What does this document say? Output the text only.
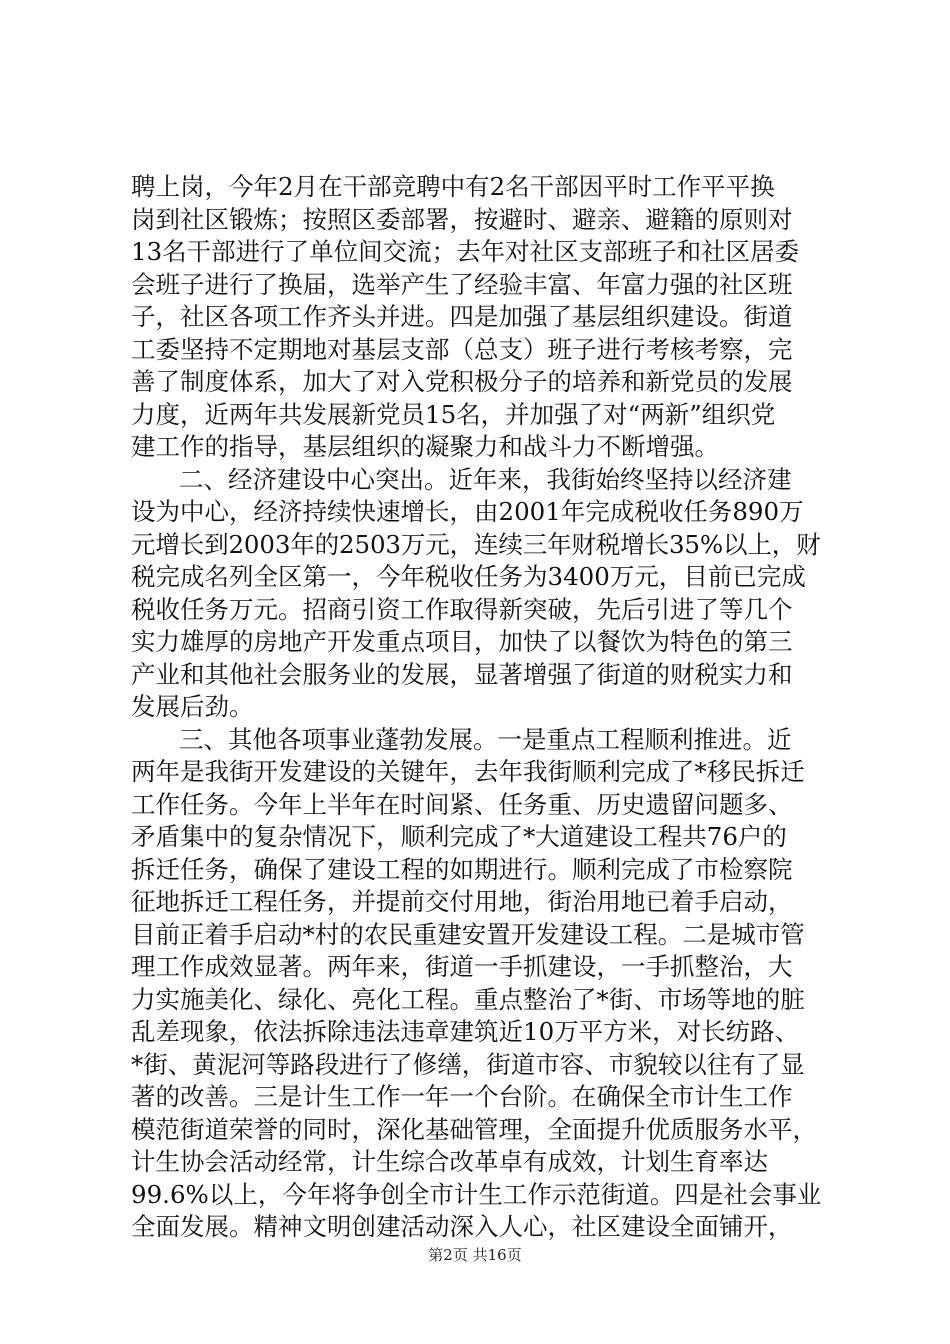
聘上岗，今年2月在干部竞聘中有2名干部因平时工作平平换
岗到社区锻炼；按照区委部署，按避时、避亲、避籍的原则对
13名干部进行了单位间交流；去年对社区支部班子和社区居委
会班子进行了换届，选举产生了经验丰富、年富力强的社区班
子，社区各项工作齐头并进。四是加强了基层组织建设。街道
工委坚持不定期地对基层支部（总支）班子进行考核考察，完
善了制度体系，加大了对入党积极分子的培养和新党员的发展
力度，近两年共发展新党员15名，并加强了对“两新”组织党
建工作的指导，基层组织的凝聚力和战斗力不断增强。
二、经济建设中心突出。近年来，我街始终坚持以经济建
设为中心，经济持续快速增长，由2001年完成税收任务890万
元增长到2003年的2503万元，连续三年财税增长35%以上，财
税完成名列全区第一，今年税收任务为3400万元，目前已完成
税收任务万元。招商引资工作取得新突破，先后引进了等几个
实力雄厚的房地产开发重点项目，加快了以餐饮为特色的第三
产业和其他社会服务业的发展，显著增强了街道的财税实力和
发展后劲。
三、其他各项事业蓬勃发展。一是重点工程顺利推进。近
两年是我街开发建设的关键年，去年我街顺利完成了*移民拆迁
工作任务。今年上半年在时间紧、任务重、历史遗留问题多、
矛盾集中的复杂情况下，顺利完成了*大道建设工程共76户的
拆迁任务，确保了建设工程的如期进行。顺利完成了市检察院
征地拆迁工程任务，并提前交付用地，街治用地已着手启动，
目前正着手启动*村的农民重建安置开发建设工程。二是城市管
理工作成效显著。两年来，街道一手抓建设，一手抓整治，大
力实施美化、绿化、亮化工程。重点整治了*街、市场等地的脏
乱差现象，依法拆除违法违章建筑近10万平方米，对长纺路、
*街、黄泥河等路段进行了修缮，街道市容、市貌较以往有了显
著的改善。三是计生工作一年一个台阶。在确保全市计生工作
模范街道荣誉的同时，深化基础管理，全面提升优质服务水平，
计生协会活动经常，计生综合改革卓有成效，计划生育率达
99.6%以上，今年将争创全市计生工作示范街道。四是社会事业
全面发展。精神文明创建活动深入人心，社区建设全面铺开，
第2页 共16页
